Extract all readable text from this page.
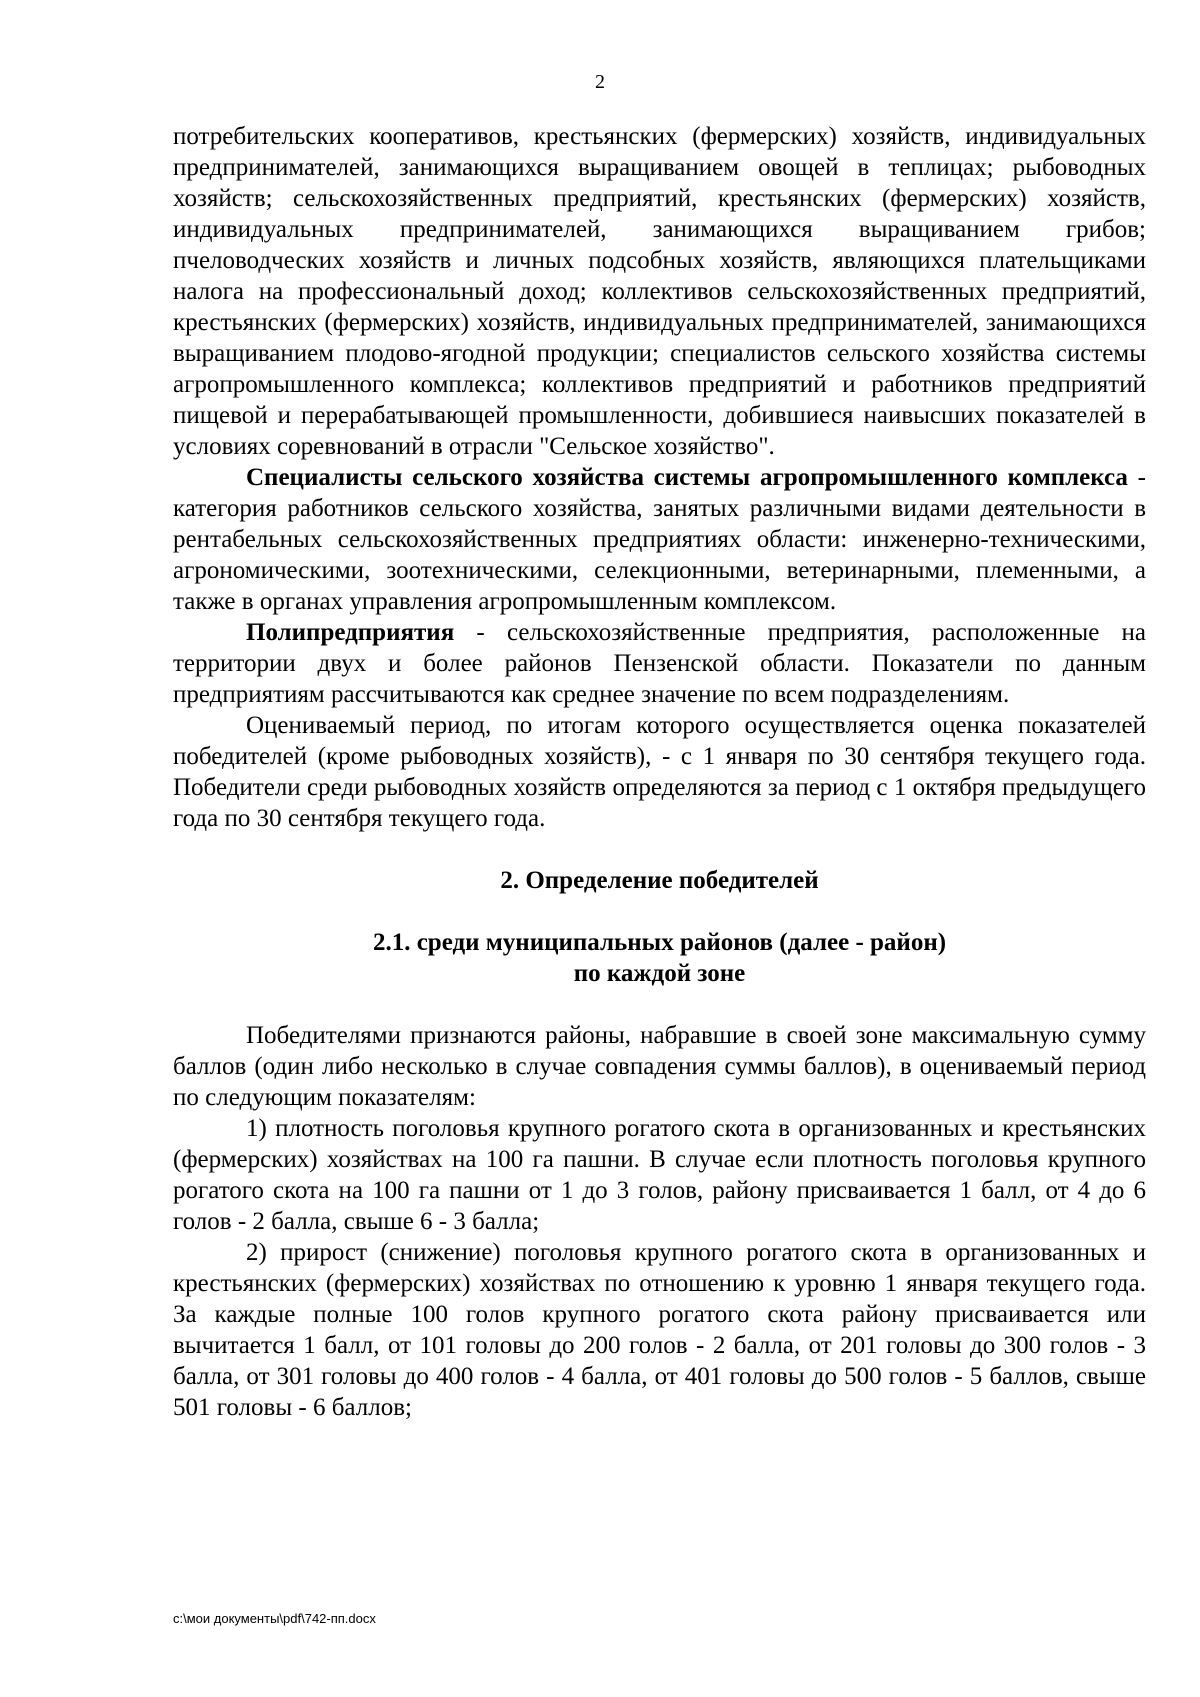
2

потребительских кооперативов, крестьянских (фермерских) хозяйств, индивидуальных предпринимателей, занимающихся выращиванием овощей в теплицах; рыбоводных хозяйств; сельскохозяйственных предприятий, крестьянских (фермерских) хозяйств, индивидуальных предпринимателей, занимающихся выращиванием грибов; пчеловодческих хозяйств и личных подсобных хозяйств, являющихся плательщиками налога на профессиональный доход; коллективов сельскохозяйственных предприятий, крестьянских (фермерских) хозяйств, индивидуальных предпринимателей, занимающихся выращиванием плодово-ягодной продукции; специалистов сельского хозяйства системы агропромышленного комплекса; коллективов предприятий и работников предприятий пищевой и перерабатывающей промышленности, добившиеся наивысших показателей в условиях соревнований в отрасли "Сельское хозяйство".

Специалисты сельского хозяйства системы агропромышленного комплекса - категория работников сельского хозяйства, занятых различными видами деятельности в рентабельных сельскохозяйственных предприятиях области: инженерно-техническими, агрономическими, зоотехническими, селекционными, ветеринарными, племенными, а также в органах управления агропромышленным комплексом.

Полипредприятия - сельскохозяйственные предприятия, расположенные на территории двух и более районов Пензенской области. Показатели по данным предприятиям рассчитываются как среднее значение по всем подразделениям.

Оцениваемый период, по итогам которого осуществляется оценка показателей победителей (кроме рыбоводных хозяйств), - с 1 января по 30 сентября текущего года. Победители среди рыбоводных хозяйств определяются за период с 1 октября предыдущего года по 30 сентября текущего года.

2. Определение победителей

2.1. среди муниципальных районов (далее - район)

по каждой зоне

Победителями признаются районы, набравшие в своей зоне максимальную сумму баллов (один либо несколько в случае совпадения суммы баллов), в оцениваемый период по следующим показателям:

1) плотность поголовья крупного рогатого скота в организованных и крестьянских (фермерских) хозяйствах на 100 га пашни. В случае если плотность поголовья крупного рогатого скота на 100 га пашни от 1 до 3 голов, району присваивается 1 балл, от 4 до 6 голов - 2 балла, свыше 6 - 3 балла;

2) прирост (снижение) поголовья крупного рогатого скота в организованных и крестьянских (фермерских) хозяйствах по отношению к уровню 1 января текущего года. За каждые полные 100 голов крупного рогатого скота району присваивается или вычитается 1 балл, от 101 головы до 200 голов - 2 балла, от 201 головы до 300 голов - 3 балла, от 301 головы до 400 голов - 4 балла, от 401 головы до 500 голов - 5 баллов, свыше 501 головы - 6 баллов;

c:\мои документы\pdf\742-пп.docx
